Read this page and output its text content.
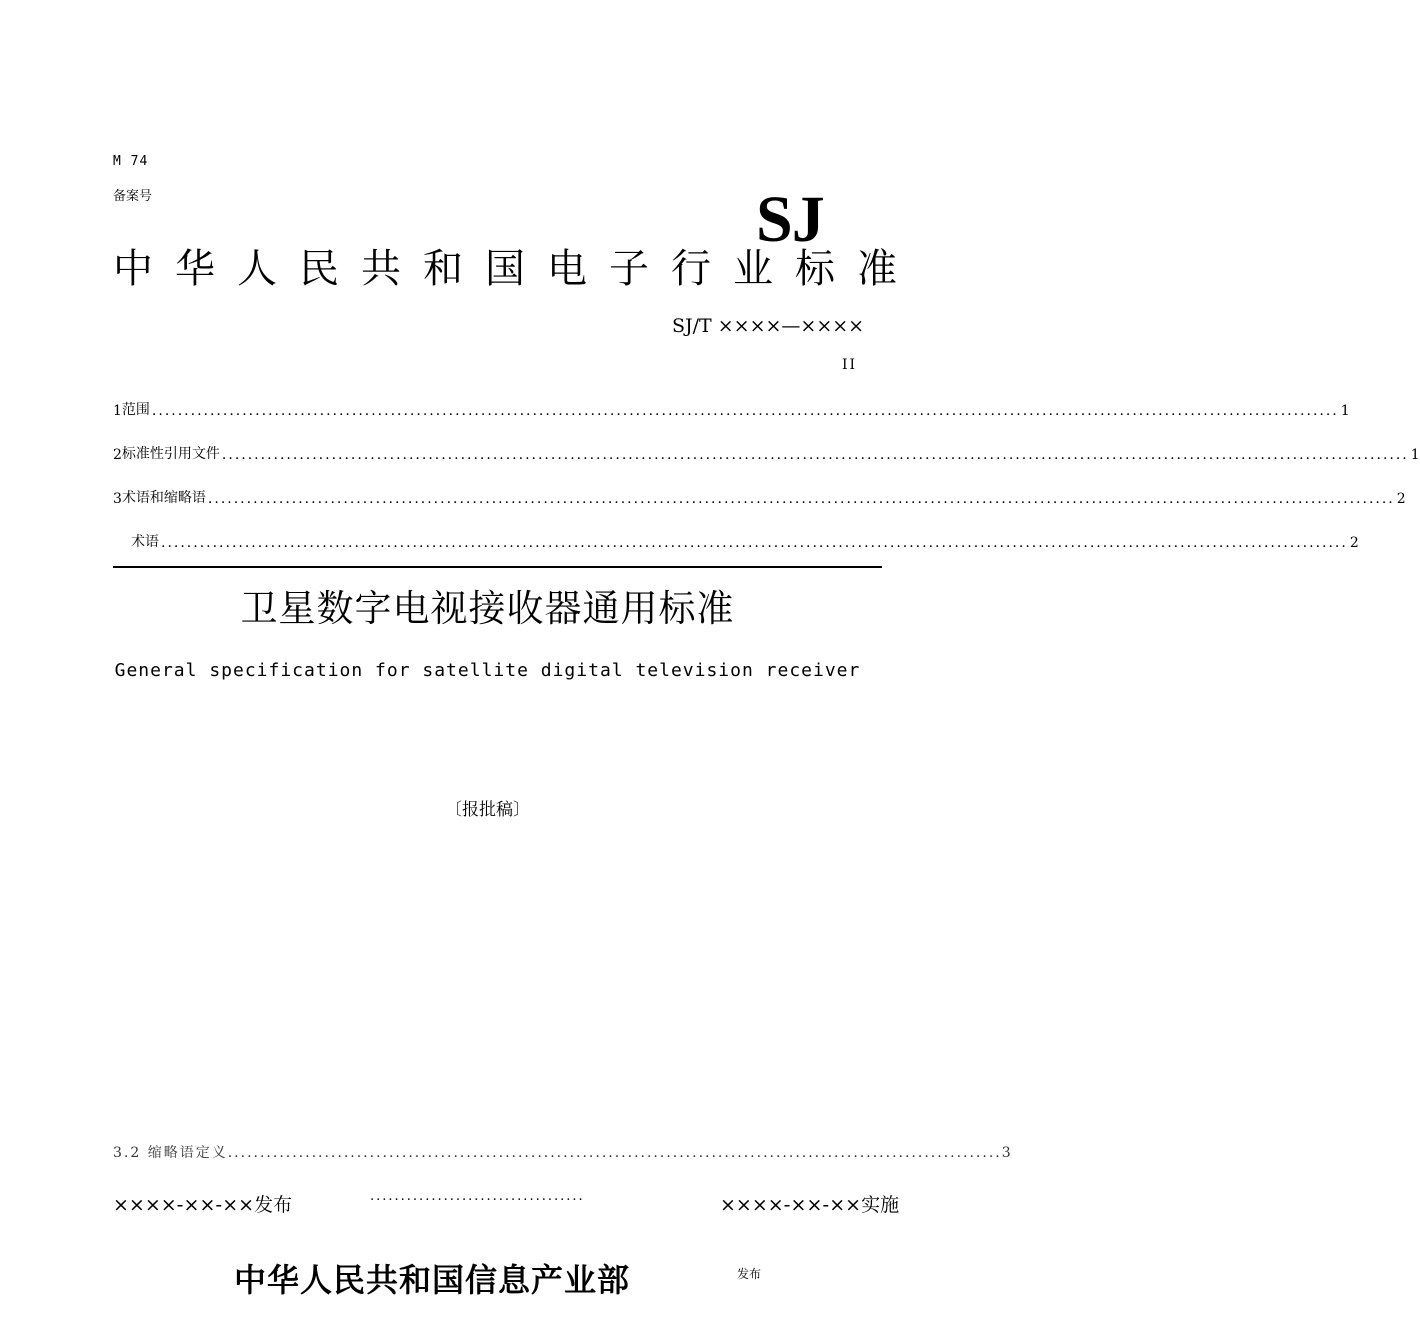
M 74
备案号	SJ
中华人民共和国电子行业标准
SJ/T ××××—××××
II
1 范围 .....	1
2 标准性引用文件 .....	1
3 术语和缩略语 .....	2
术语 .....	2
卫星数字电视接收器通用标准
General specification for satellite digital television receiver
〔报批稿〕
3.2 缩略语定义........................................................................................................................3
××××-××-××发布	...................................	××××-××-××实施
中华人民共和国信息产业部	发布
